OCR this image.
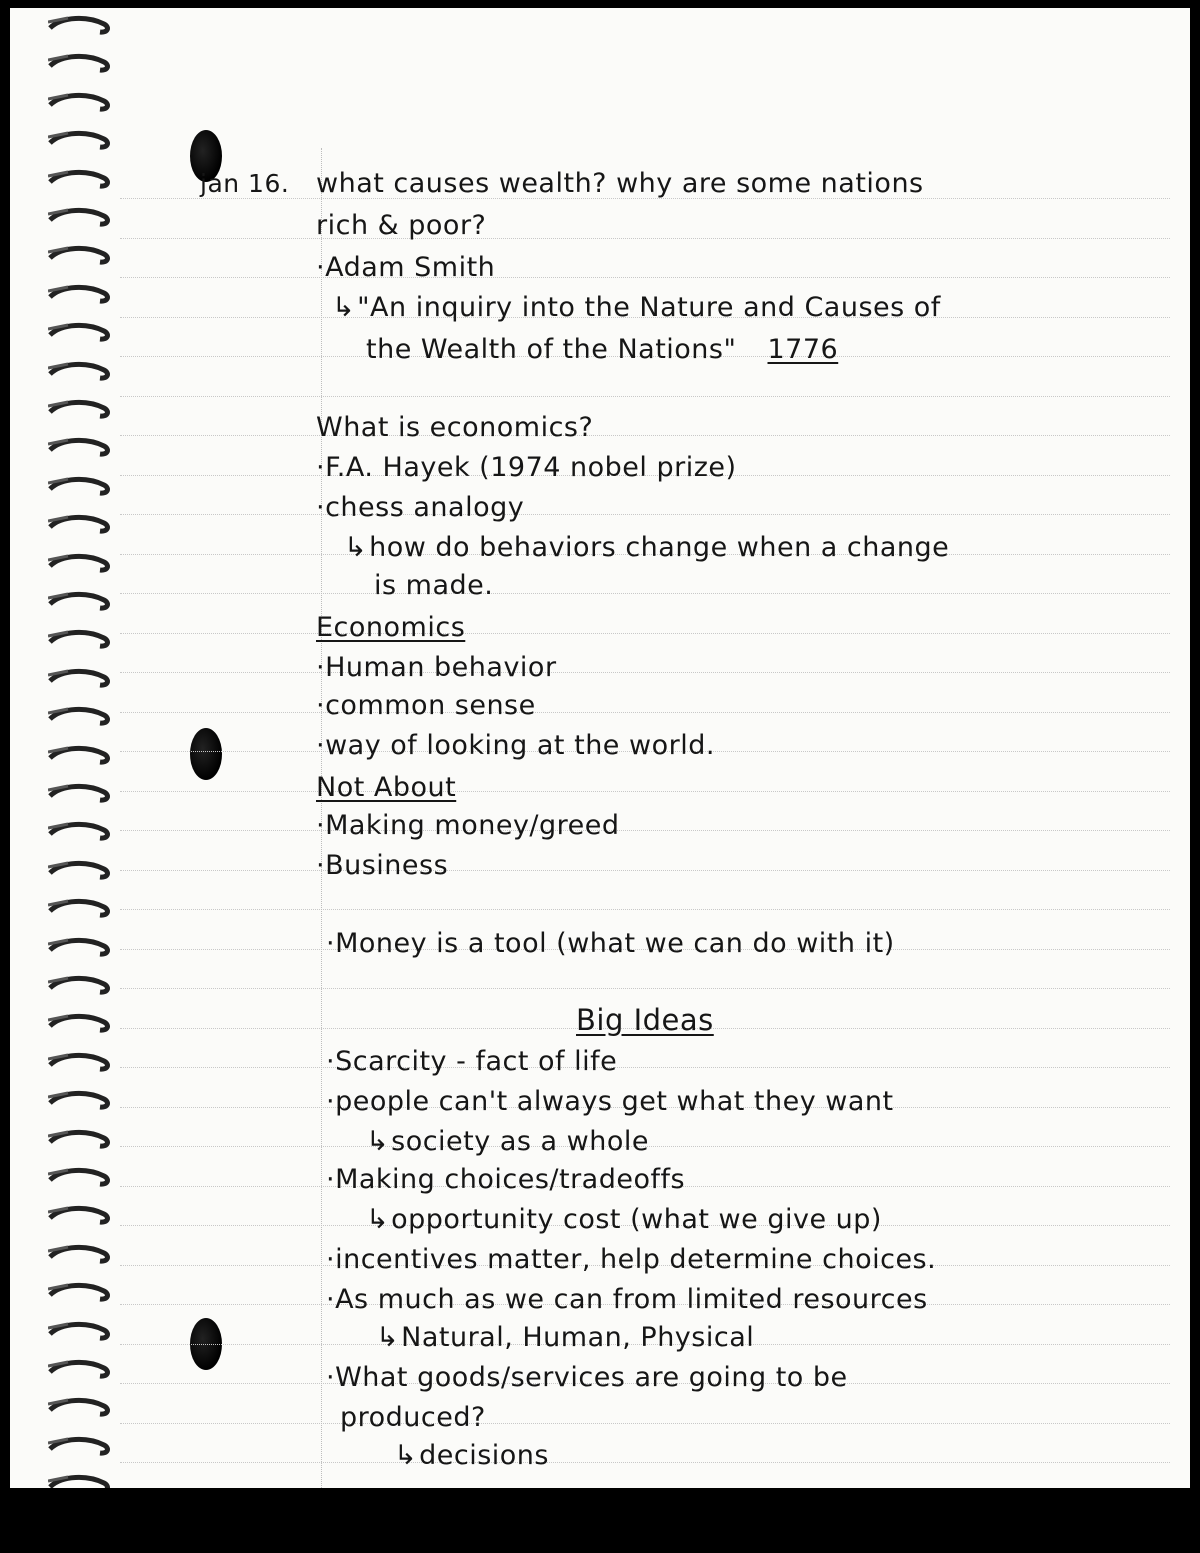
jan 16. what causes wealth? why are some nations
rich & poor?
·Adam Smith
↳"An inquiry into the Nature and Causes of
the Wealth of the Nations" 1776
What is economics?
·F.A. Hayek (1974 nobel prize)
·chess analogy
↳how do behaviors change when a change
is made.
Economics
·Human behavior
·common sense
·way of looking at the world.
Not About
·Making money/greed
·Business
·Money is a tool (what we can do with it)
Big Ideas
·Scarcity - fact of life
·people can't always get what they want
↳society as a whole
·Making choices/tradeoffs
↳opportunity cost (what we give up)
·incentives matter, help determine choices.
·As much as we can from limited resources
↳Natural, Human, Physical
·What goods/services are going to be
produced?
↳decisions
